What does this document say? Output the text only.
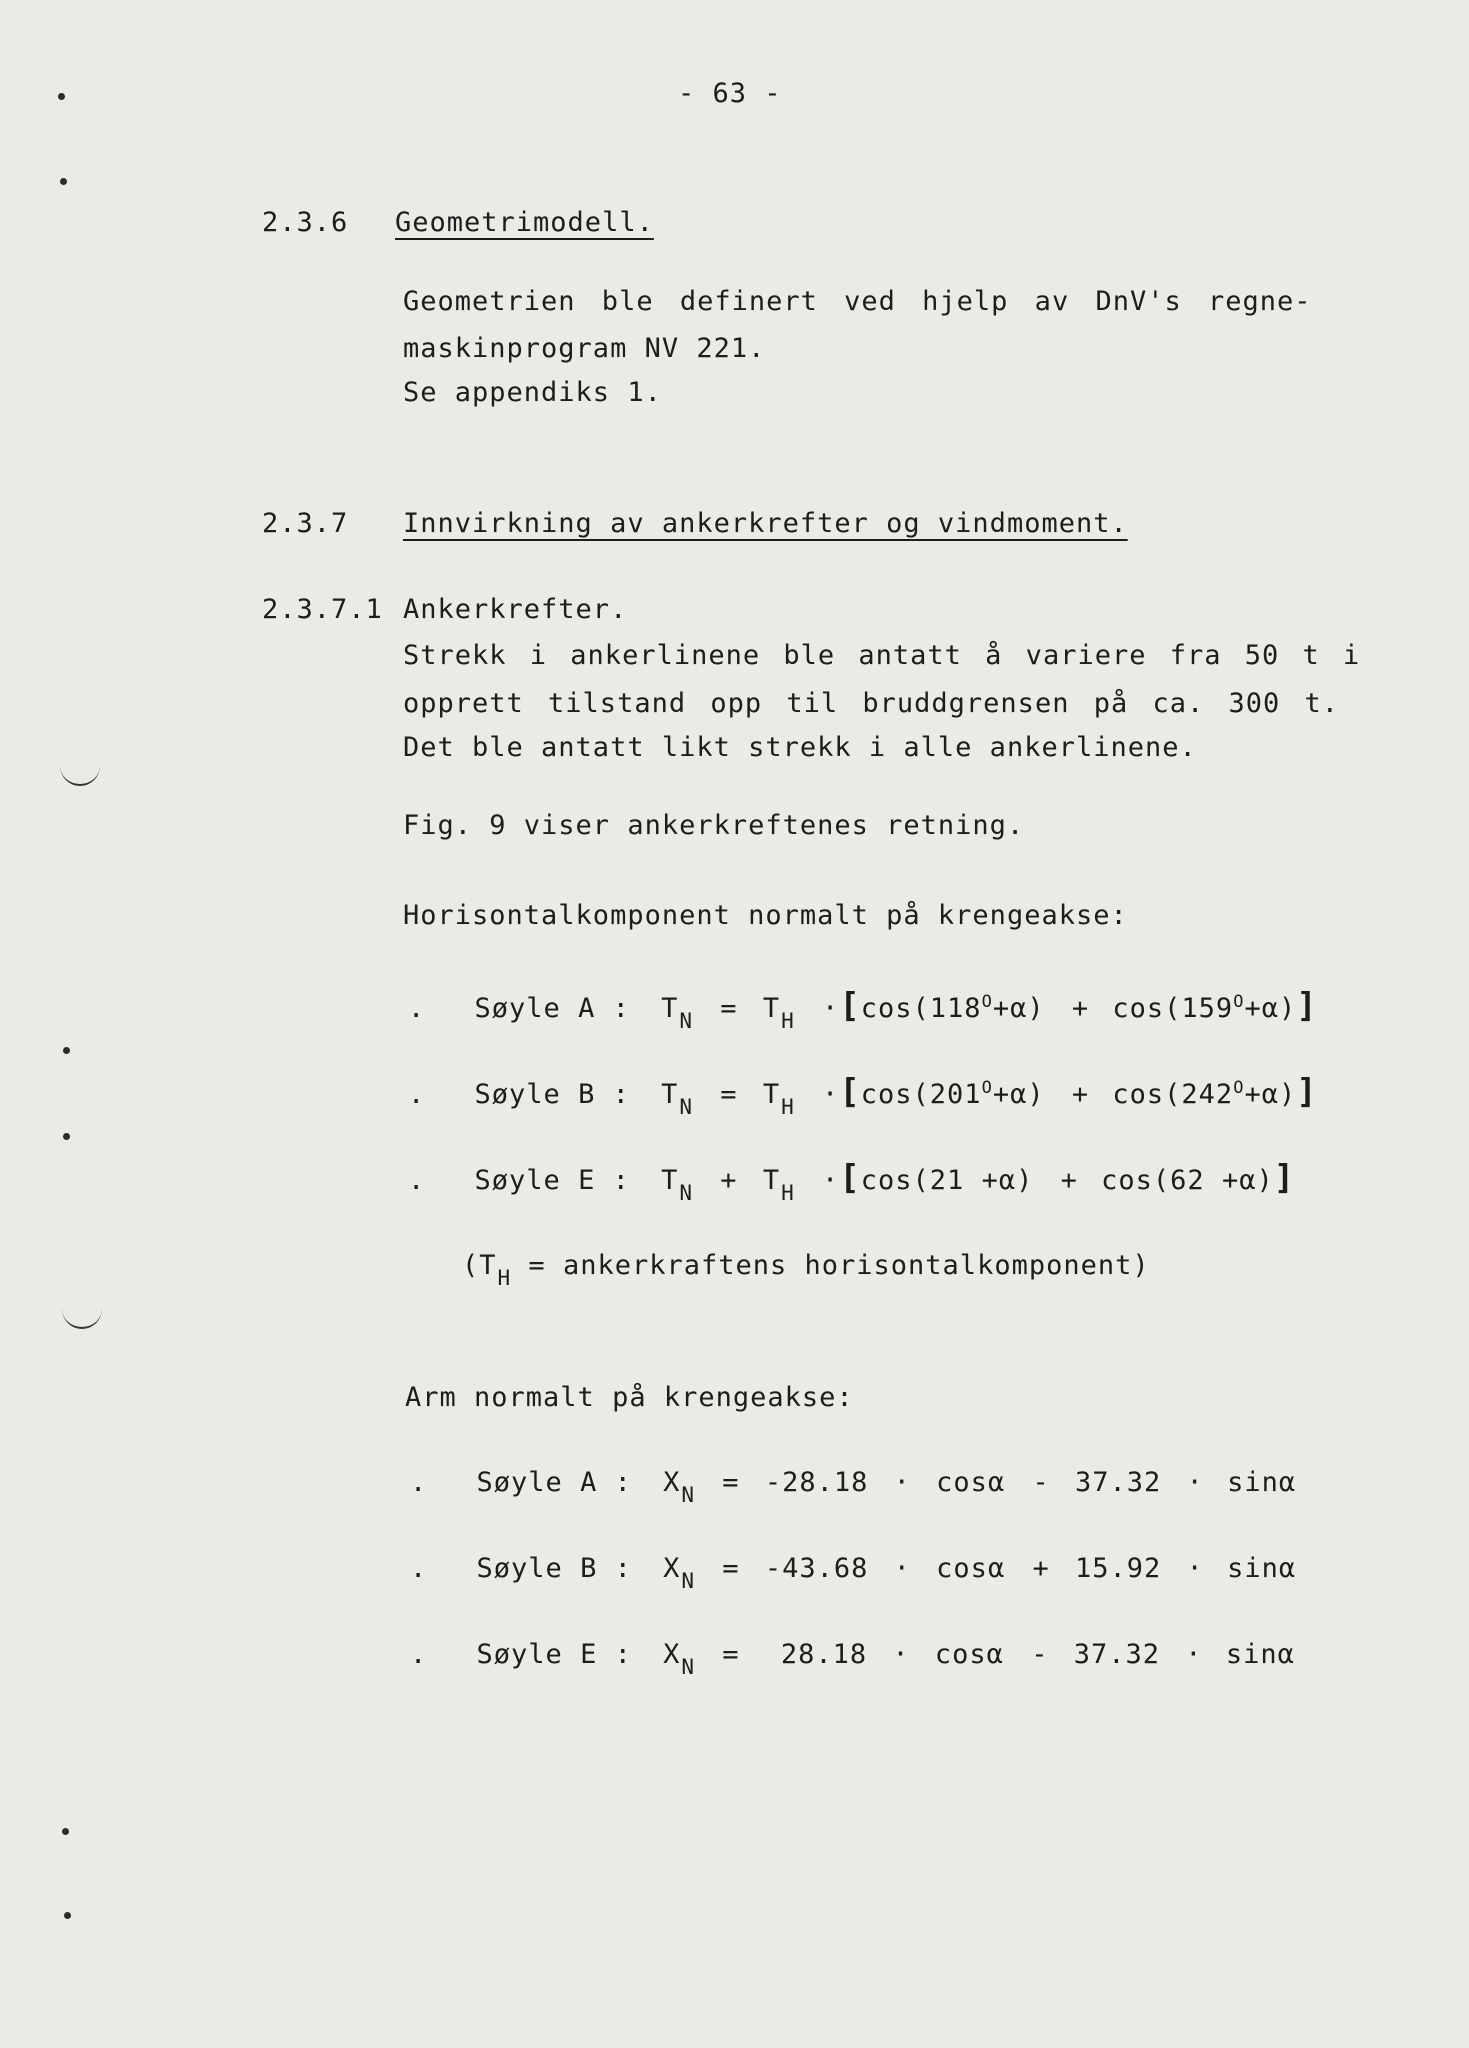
- 63 -
2.3.6 Geometrimodell.
Geometrien ble definert ved hjelp av DnV's regne-
maskinprogram NV 221.
Se appendiks 1.
2.3.7 Innvirkning av ankerkrefter og vindmoment.
2.3.7.1 Ankerkrefter.
Strekk i ankerlinene ble antatt å variere fra 50 t i
opprett tilstand opp til bruddgrensen på ca. 300 t.
Det ble antatt likt strekk i alle ankerlinene.
Fig. 9 viser ankerkreftenes retning.
Horisontalkomponent normalt på krengeakse:
. Søyle A : $T_N = T_H \cdot[\cos(118^O+\alpha) + \cos(159^O+\alpha)]$
. Søyle B : $T_N = T_H \cdot[\cos(201^O+\alpha) + \cos(242^O+\alpha)]$
. Søyle E : $T_N + T_H \cdot[\cos(21 +\alpha) + \cos(62 +\alpha)]$
($T_H$ = ankerkraftens horisontalkomponent)
Arm normalt på krengeakse:
. Søyle A : $X_N = -28.18 \cdot \cos\alpha - 37.32 \cdot \sin\alpha$
. Søyle B : $X_N = -43.68 \cdot \cos\alpha + 15.92 \cdot \sin\alpha$
. Søyle E : $X_N = 28.18 \cdot \cos\alpha - 37.32 \cdot \sin\alpha$
